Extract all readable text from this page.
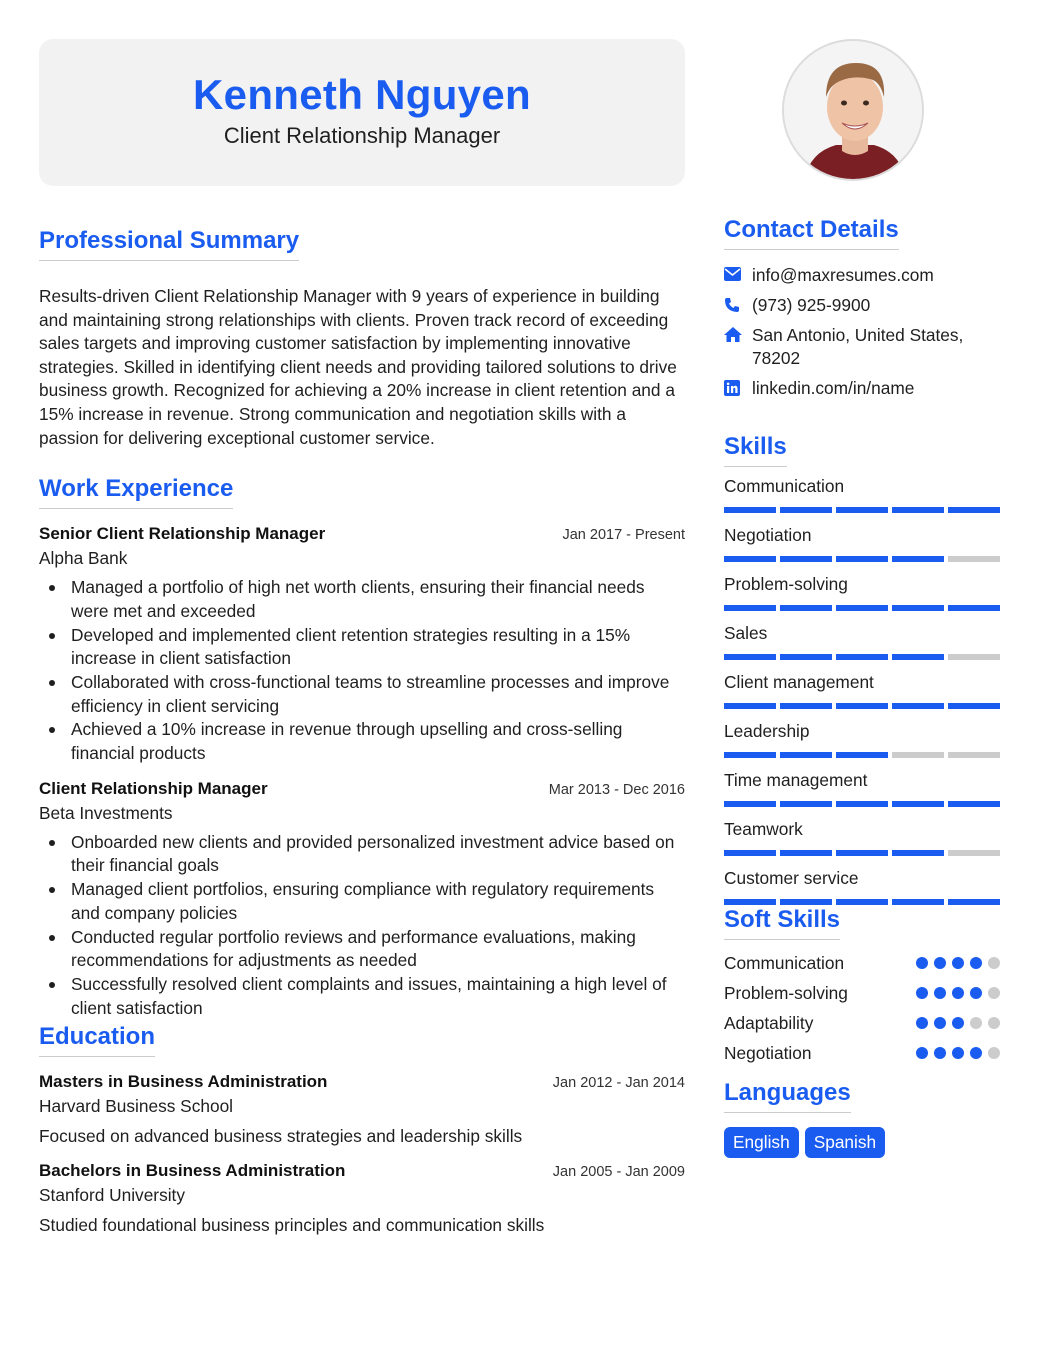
Kenneth Nguyen
Client Relationship Manager
Professional Summary

Results-driven Client Relationship Manager with 9 years of experience in building and maintaining strong relationships with clients. Proven track record of exceeding sales targets and improving customer satisfaction by implementing innovative strategies. Skilled in identifying client needs and providing tailored solutions to drive business growth. Recognized for achieving a 20% increase in client retention and a 15% increase in revenue. Strong communication and negotiation skills with a passion for delivering exceptional customer service.

Work Experience
Senior Client Relationship Manager	Jan 2017 - Present
Alpha Bank
Managed a portfolio of high net worth clients, ensuring their financial needs were met and exceeded
Developed and implemented client retention strategies resulting in a 15% increase in client satisfaction
Collaborated with cross-functional teams to streamline processes and improve efficiency in client servicing
Achieved a 10% increase in revenue through upselling and cross-selling financial products
Client Relationship Manager	Mar 2013 - Dec 2016
Beta Investments
Onboarded new clients and provided personalized investment advice based on their financial goals
Managed client portfolios, ensuring compliance with regulatory requirements and company policies
Conducted regular portfolio reviews and performance evaluations, making recommendations for adjustments as needed
Successfully resolved client complaints and issues, maintaining a high level of client satisfaction
Education
Masters in Business Administration	Jan 2012 - Jan 2014
Harvard Business School
Focused on advanced business strategies and leadership skills
Bachelors in Business Administration	Jan 2005 - Jan 2009
Stanford University
Studied foundational business principles and communication skills
Contact Details
info@maxresumes.com
(973) 925-9900
San Antonio, United States,
78202
linkedin.com/in/name
Skills
Communication
Negotiation
Problem-solving
Sales
Client management
Leadership
Time management
Teamwork
Customer service
Soft Skills
Communication
Problem-solving
Adaptability
Negotiation
Languages
English	Spanish
